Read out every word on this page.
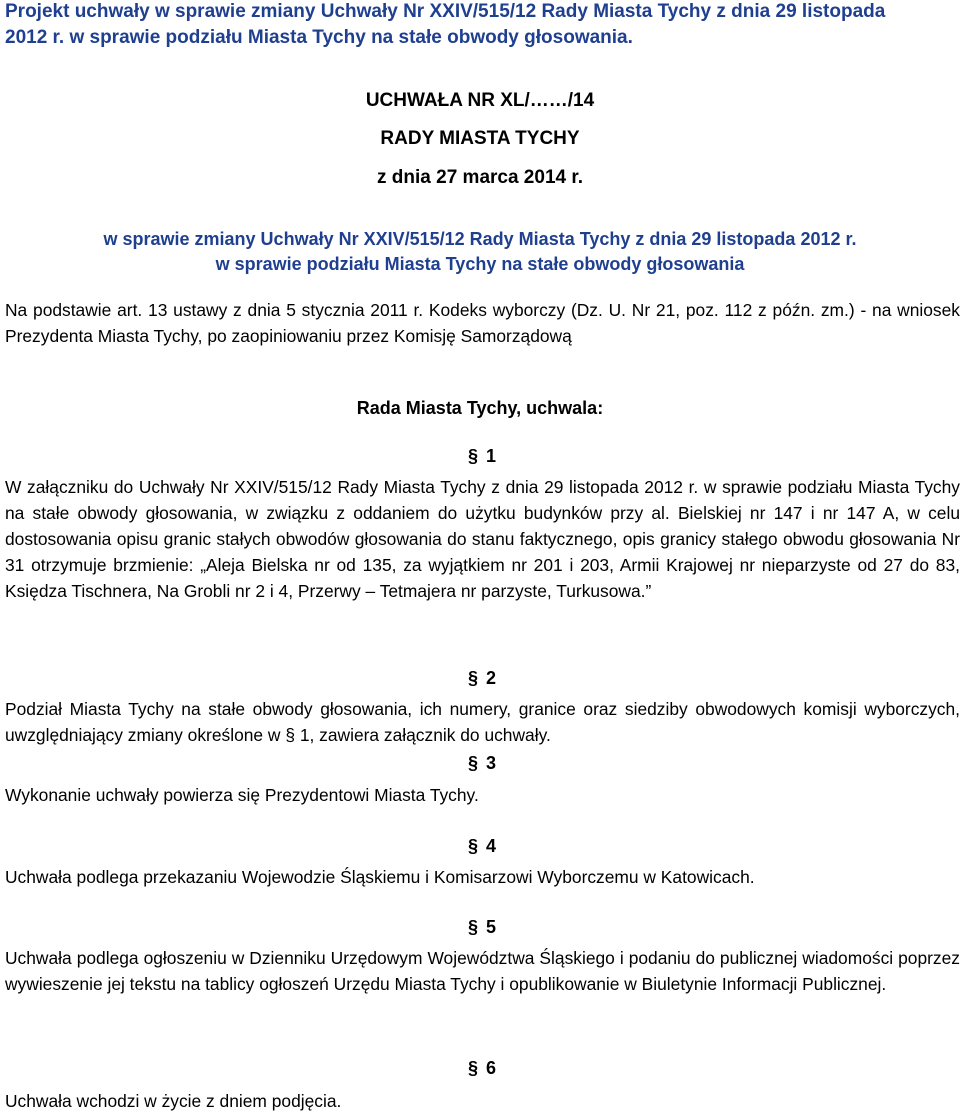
Projekt uchwały w sprawie zmiany Uchwały Nr XXIV/515/12 Rady Miasta Tychy z dnia 29 listopada 2012 r. w sprawie podziału Miasta Tychy na stałe obwody głosowania.
UCHWAŁA NR XL/……/14
RADY MIASTA TYCHY
z dnia 27 marca 2014 r.
w sprawie zmiany Uchwały Nr XXIV/515/12 Rady Miasta Tychy z dnia 29 listopada 2012 r.
w sprawie podziału Miasta Tychy na stałe obwody głosowania
Na podstawie art. 13 ustawy z dnia 5 stycznia 2011 r. Kodeks wyborczy (Dz. U. Nr 21, poz. 112 z późn. zm.) - na wniosek Prezydenta Miasta Tychy, po zaopiniowaniu przez Komisję Samorządową
Rada Miasta Tychy, uchwala:
§ 1
W załączniku do Uchwały Nr XXIV/515/12 Rady Miasta Tychy z dnia 29 listopada 2012 r. w sprawie podziału Miasta Tychy na stałe obwody głosowania, w związku z oddaniem do użytku budynków przy al. Bielskiej nr 147 i nr 147 A, w celu dostosowania opisu granic stałych obwodów głosowania do stanu faktycznego, opis granicy stałego obwodu głosowania Nr 31 otrzymuje brzmienie: „Aleja Bielska nr od 135, za wyjątkiem nr 201 i 203, Armii Krajowej nr nieparzyste od 27 do 83, Księdza Tischnera, Na Grobli nr 2 i 4, Przerwy – Tetmajera nr parzyste, Turkusowa.”
§ 2
Podział Miasta Tychy na stałe obwody głosowania, ich numery, granice oraz siedziby obwodowych komisji wyborczych, uwzględniający zmiany określone w § 1, zawiera załącznik do uchwały.
§ 3
Wykonanie uchwały powierza się Prezydentowi Miasta Tychy.
§ 4
Uchwała podlega przekazaniu Wojewodzie Śląskiemu i Komisarzowi Wyborczemu w Katowicach.
§ 5
Uchwała podlega ogłoszeniu w Dzienniku Urzędowym Województwa Śląskiego i podaniu do publicznej wiadomości poprzez wywieszenie jej tekstu na tablicy ogłoszeń Urzędu Miasta Tychy i opublikowanie w Biuletynie Informacji Publicznej.
§ 6
Uchwała wchodzi w życie z dniem podjęcia.
